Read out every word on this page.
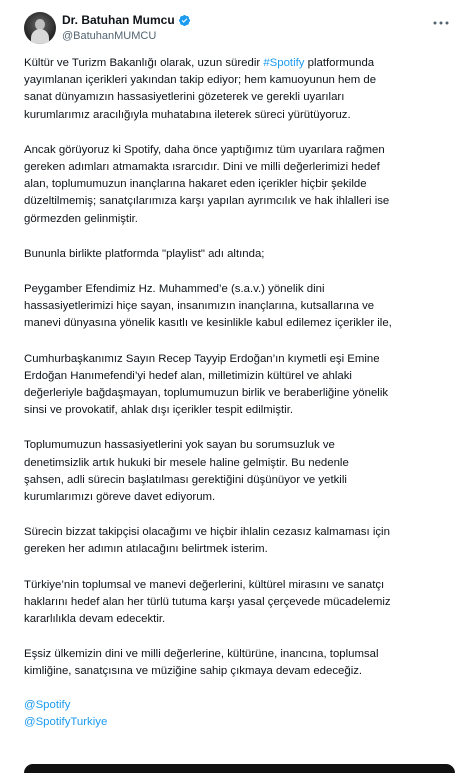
Dr. Batuhan Mumcu
@BatuhanMUMCU
Kültür ve Turizm Bakanlığı olarak, uzun süredir #Spotify platformunda
yayımlanan içerikleri yakından takip ediyor; hem kamuoyunun hem de
sanat dünyamızın hassasiyetlerini gözeterek ve gerekli uyarıları
kurumlarımız aracılığıyla muhatabına ileterek süreci yürütüyoruz.
Ancak görüyoruz ki Spotify, daha önce yaptığımız tüm uyarılara rağmen
gereken adımları atmamakta ısrarcıdır. Dini ve milli değerlerimizi hedef
alan, toplumumuzun inançlarına hakaret eden içerikler hiçbir şekilde
düzeltilmemiş; sanatçılarımıza karşı yapılan ayrımcılık ve hak ihlalleri ise
görmezden gelinmiştir.
Bununla birlikte platformda "playlist" adı altında;
Peygamber Efendimiz Hz. Muhammed’e (s.a.v.) yönelik dini
hassasiyetlerimizi hiçe sayan, insanımızın inançlarına, kutsallarına ve
manevi dünyasına yönelik kasıtlı ve kesinlikle kabul edilemez içerikler ile,
Cumhurbaşkanımız Sayın Recep Tayyip Erdoğan’ın kıymetli eşi Emine
Erdoğan Hanımefendi’yi hedef alan, milletimizin kültürel ve ahlaki
değerleriyle bağdaşmayan, toplumumuzun birlik ve beraberliğine yönelik
sinsi ve provokatif, ahlak dışı içerikler tespit edilmiştir.
Toplumumuzun hassasiyetlerini yok sayan bu sorumsuzluk ve
denetimsizlik artık hukuki bir mesele haline gelmiştir. Bu nedenle
şahsen, adli sürecin başlatılması gerektiğini düşünüyor ve yetkili
kurumlarımızı göreve davet ediyorum.
Sürecin bizzat takipçisi olacağımı ve hiçbir ihlalin cezasız kalmaması için
gereken her adımın atılacağını belirtmek isterim.
Türkiye’nin toplumsal ve manevi değerlerini, kültürel mirasını ve sanatçı
haklarını hedef alan her türlü tutuma karşı yasal çerçevede mücadelemiz
kararlılıkla devam edecektir.
Eşsiz ülkemizin dini ve milli değerlerine, kültürüne, inancına, toplumsal
kimliğine, sanatçısına ve müziğine sahip çıkmaya devam edeceğiz.
@Spotify
@SpotifyTurkiye
